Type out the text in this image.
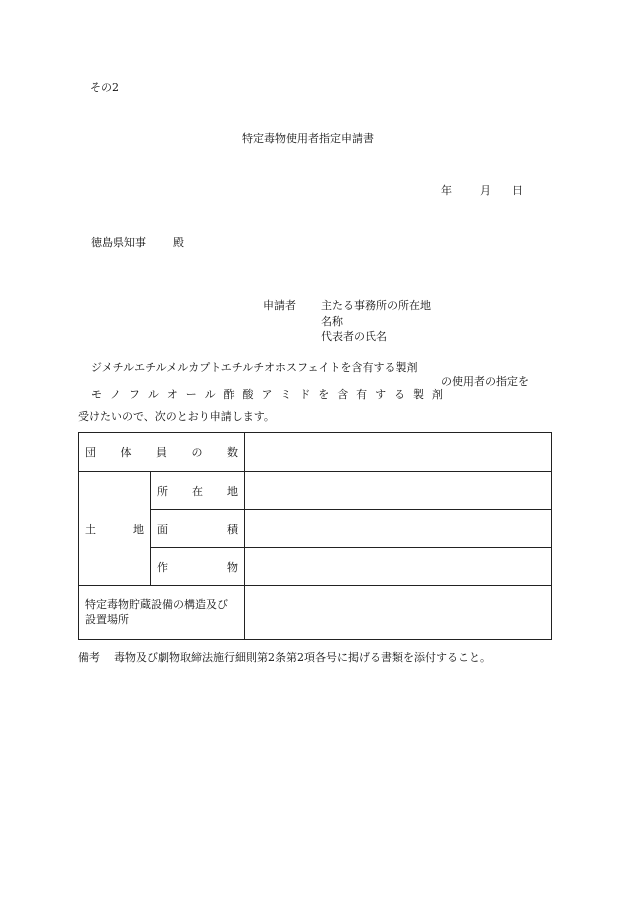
その2
特定毒物使用者指定申請書
年	月 日
徳島県知事 殿
申請者 主たる事務所の所在地
名称
代表者の氏名
ジメチルエチルメルカプトエチルチオホスフェイトを含有する製剤
モ ノ フ ル オ ー ル 酢 酸 ア ミ ド を 含 有 す る 製 剤
の使用者の指定を
受けたいので、次のとおり申請します。
団 体 員 の 数		

土 地	所 在 地	

	面 積	

	作 物	

特定毒物貯蔵設備の構造及び
設置場所		

備考 毒物及び劇物取締法施行細則第2条第2項各号に掲げる書類を添付すること。
